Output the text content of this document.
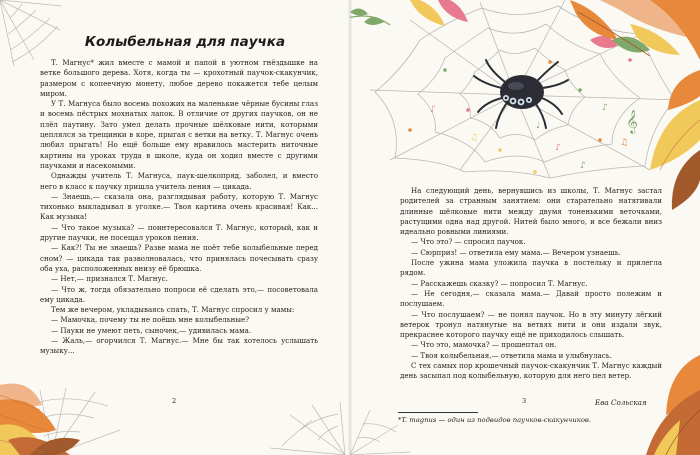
Колыбельная для паучка

Т. Магнус* жил вместе с мамой и папой в уютном гнёздышке на ветке большого дерева. Хотя, когда ты — крохотный паучок-скакунчик, размером с копеечную монету, любое дерево покажется тебе целым миром.

У Т. Магнуса было восемь похожих на маленькие чёрные бусины глаз и восемь пёстрых мохнатых лапок. В отличие от других паучков, он не плёл паутину. Зато умел делать прочные шёлковые нити, которыми цеплялся за трещинки в коре, прыгая с ветки на ветку. Т. Магнус очень любил прыгать! Но ещё больше ему нравилось мастерить ниточные картины на уроках труда в школе, куда он ходил вместе с другими паучками и насекомыми.

Однажды учитель Т. Магнуса, паук-шелкопряд, заболел, и вместо него в класс к паучку пришла учитель пения — цикада.

— Знаешь,— сказала она, разглядывая работу, которую Т. Магнус тихонько выкладывал в уголке.— Твоя картина очень красивая! Как... Как музыка!

— Что такое музыка? — поинтересовался Т. Магнус, который, как и другие паучки, не посещал уроков пения.

— Как?! Ты не знаешь? Разве мама не поёт тебе колыбельные перед сном? — цикада так разволновалась, что принялась почесывать сразу оба уха, расположенных внизу её брюшка.

— Нет,— признался Т. Магнус.

— Что ж, тогда обязательно попроси её сделать это,— посоветовала ему цикада.

Тем же вечером, укладываясь спать, Т. Магнус спросил у мамы:

— Мамочка, почему ты не поёшь мне колыбельные?

— Пауки не умеют петь, сыночек,— удивилась мама.

— Жаль,— огорчился Т. Магнус.— Мне бы так хотелось услышать музыку...

2
♪
♫
♪
♪
♫
♪
♩	𝄞

На следующий день, вернувшись из школы, Т. Магнус застал родителей за странным занятием: они старательно натягивали длинные шёлковые нити между двумя тоненькими веточками, растущими одна над другой. Нитей было много, и все бежали вниз идеально ровными линиями.

— Что это? — спросил паучок.

— Сюрприз! — ответила ему мама.— Вечером узнаешь.

После ужина мама уложила паучка в постельку и прилегла рядом.

— Расскажешь сказку? — попросил Т. Магнус.

— Не сегодня,— сказала мама.— Давай просто полежим и послушаем.

— Что послушаем? — не понял паучок. Но в эту минуту лёгкий ветерок тронул натянутые на ветвях нити и они издали звук, прекраснее которого паучку ещё не приходилось слышать.

— Что это, мамочка? — прошептал он.

— Твоя колыбельная,— ответила мама и улыбнулась.

С тех самых пор крошечный паучок-скакунчик Т. Магнус каждый день засыпал под колыбельную, которую для него пел ветер.

Ева Сольская
*T. magnus — один из подвидов паучков-скакунчиков.
3
